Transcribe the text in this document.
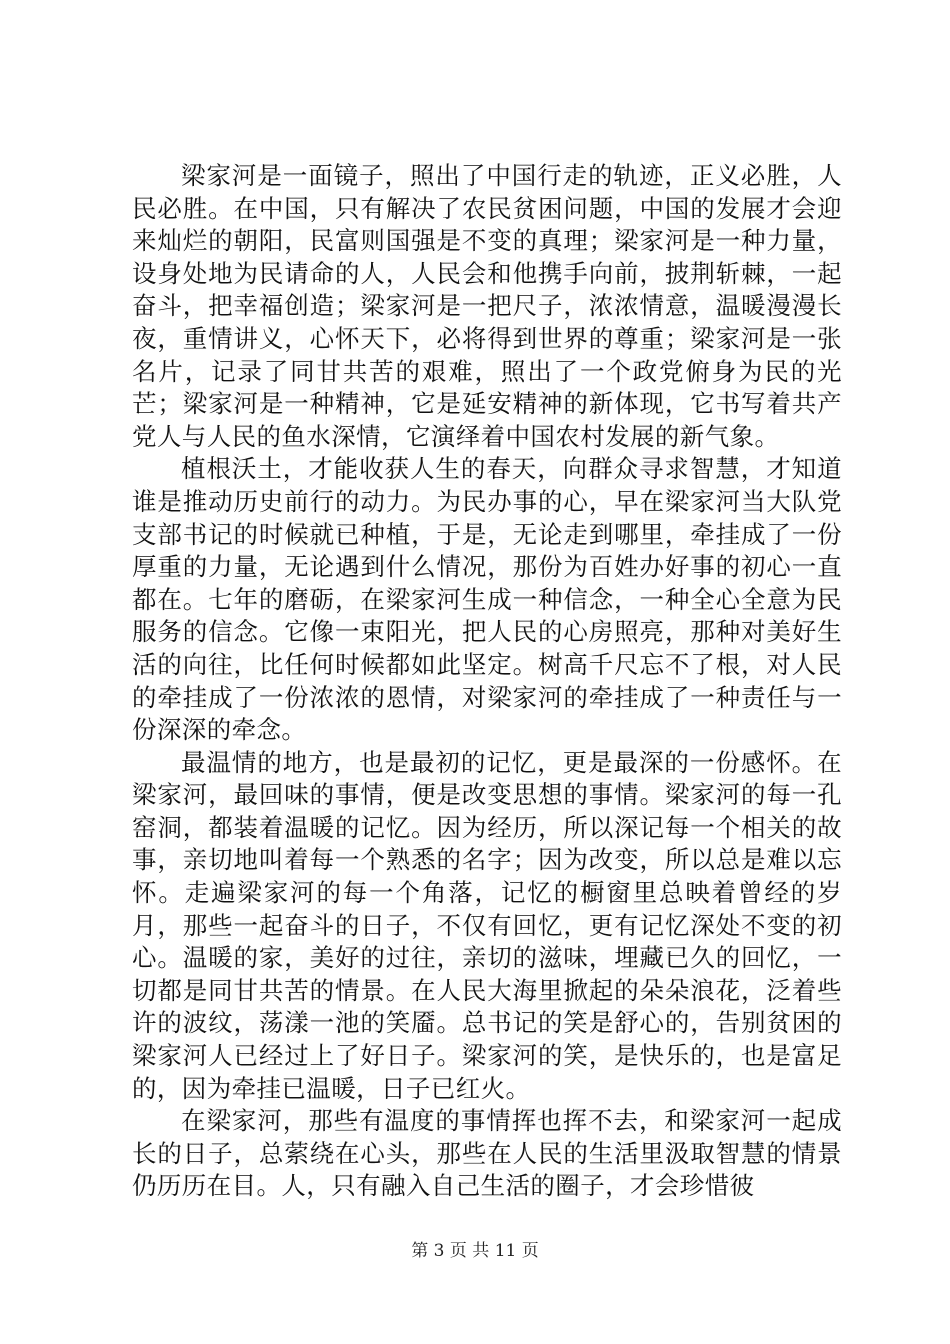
梁家河是一面镜子，照出了中国行走的轨迹，正义必胜，人民必胜。在中国，只有解决了农民贫困问题，中国的发展才会迎来灿烂的朝阳，民富则国强是不变的真理；梁家河是一种力量，设身处地为民请命的人，人民会和他携手向前，披荆斩棘，一起奋斗，把幸福创造；梁家河是一把尺子，浓浓情意，温暖漫漫长夜，重情讲义，心怀天下，必将得到世界的尊重；梁家河是一张名片，记录了同甘共苦的艰难，照出了一个政党俯身为民的光芒；梁家河是一种精神，它是延安精神的新体现，它书写着共产党人与人民的鱼水深情，它演绎着中国农村发展的新气象。

植根沃土，才能收获人生的春天，向群众寻求智慧，才知道谁是推动历史前行的动力。为民办事的心，早在梁家河当大队党支部书记的时候就已种植，于是，无论走到哪里，牵挂成了一份厚重的力量，无论遇到什么情况，那份为百姓办好事的初心一直都在。七年的磨砺，在梁家河生成一种信念，一种全心全意为民服务的信念。它像一束阳光，把人民的心房照亮，那种对美好生活的向往，比任何时候都如此坚定。树高千尺忘不了根，对人民的牵挂成了一份浓浓的恩情，对梁家河的牵挂成了一种责任与一份深深的牵念。

最温情的地方，也是最初的记忆，更是最深的一份感怀。在梁家河，最回味的事情，便是改变思想的事情。梁家河的每一孔窑洞，都装着温暖的记忆。因为经历，所以深记每一个相关的故事，亲切地叫着每一个熟悉的名字；因为改变，所以总是难以忘怀。走遍梁家河的每一个角落，记忆的橱窗里总映着曾经的岁月，那些一起奋斗的日子，不仅有回忆，更有记忆深处不变的初心。温暖的家，美好的过往，亲切的滋味，埋藏已久的回忆，一切都是同甘共苦的情景。在人民大海里掀起的朵朵浪花，泛着些许的波纹，荡漾一池的笑靥。总书记的笑是舒心的，告别贫困的梁家河人已经过上了好日子。梁家河的笑，是快乐的，也是富足的，因为牵挂已温暖，日子已红火。

在梁家河，那些有温度的事情挥也挥不去，和梁家河一起成长的日子，总萦绕在心头，那些在人民的生活里汲取智慧的情景仍历历在目。人，只有融入自己生活的圈子，才会珍惜彼

第 3 页 共 11 页
